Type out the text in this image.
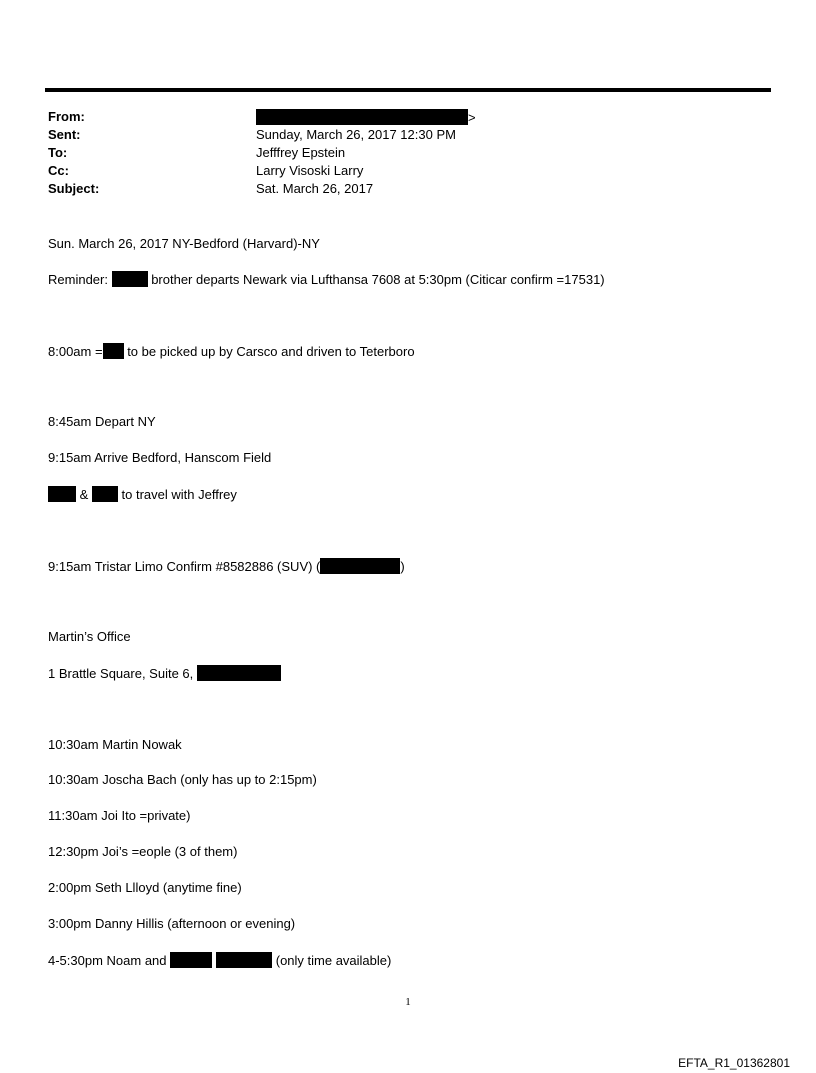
From:	>
Sent:	Sunday, March 26, 2017 12:30 PM
To:	Jefffrey Epstein
Cc:	Larry Visoski Larry
Subject:	Sat. March 26, 2017
Sun. March 26, 2017 NY-Bedford (Harvard)-NY
Reminder:	brother departs Newark via Lufthansa 7608 at 5:30pm (Citicar confirm =17531)
8:00am = to be picked up by Carsco and driven to Teterboro
8:45am Depart NY
9:15am Arrive Bedford, Hanscom Field
&  to travel with Jeffrey
9:15am Tristar Limo Confirm #8582886 (SUV) (	)
Martin’s Office
1 Brattle Square, Suite 6,
10:30am Martin Nowak
10:30am Joscha Bach (only has up to 2:15pm)
11:30am Joi Ito =private)
12:30pm Joi’s =eople (3 of them)
2:00pm Seth Llloyd (anytime fine)
3:00pm Danny Hillis (afternoon or evening)
4-5:30pm Noam and	(only time available)
1
EFTA_R1_01362801
